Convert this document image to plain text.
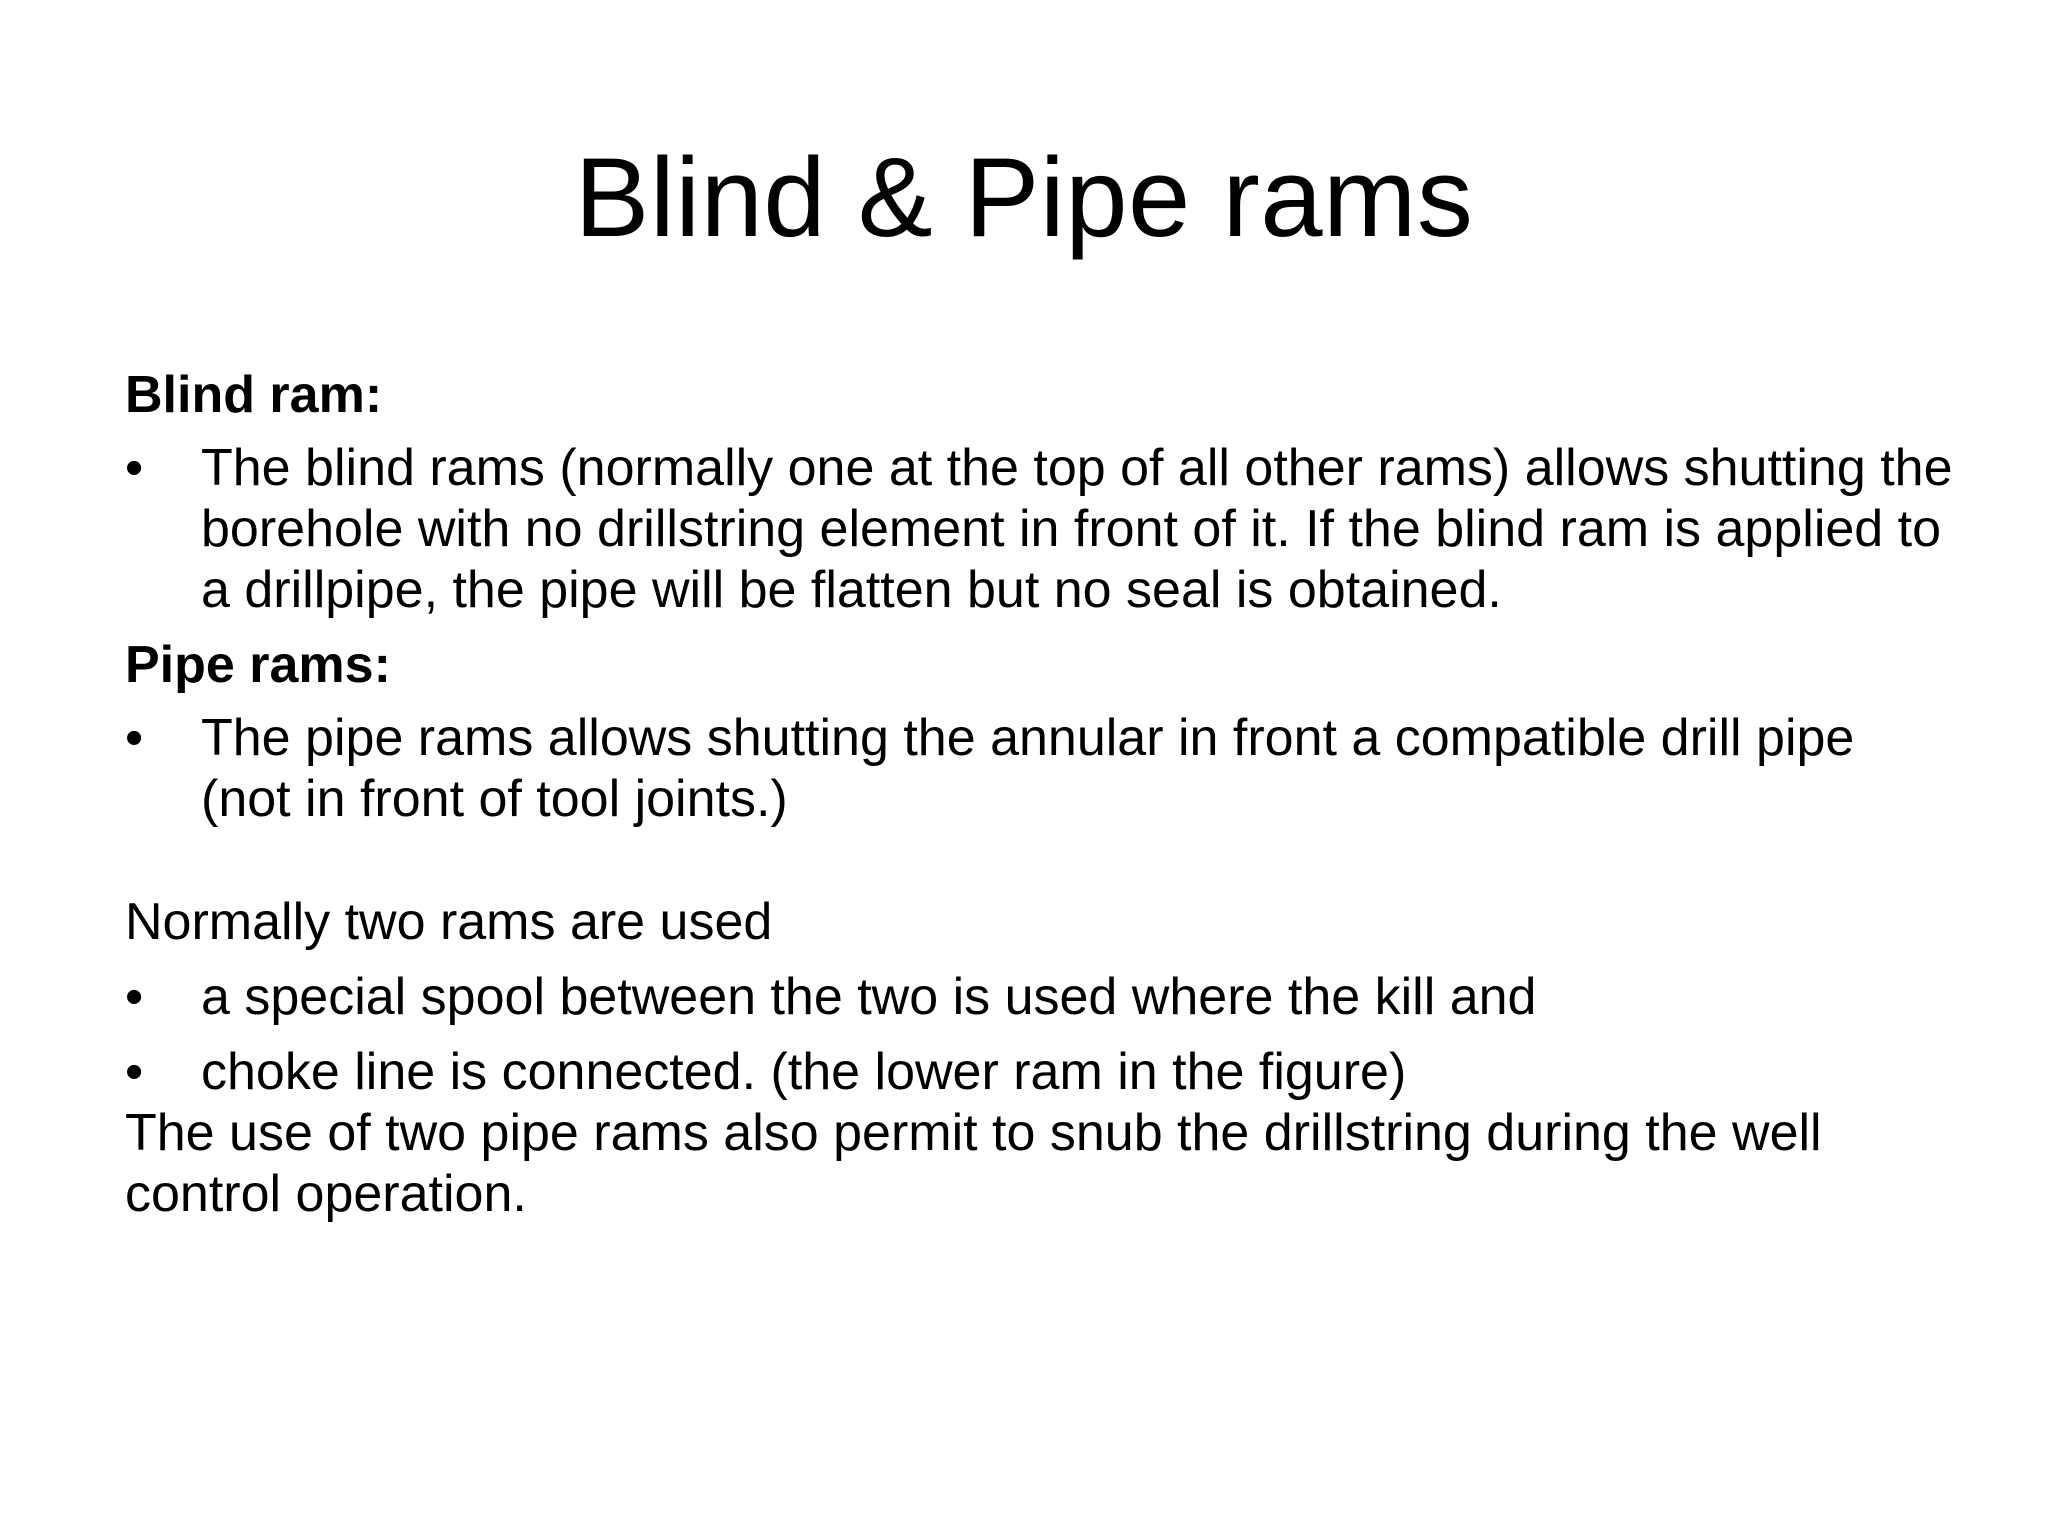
Blind & Pipe rams

Blind ram:

•	The blind rams (normally one at the top of all other rams) allows shutting the borehole with no drillstring element in front of it. If the blind ram is applied to a drillpipe, the pipe will be flatten but no seal is obtained.

Pipe rams:

•	The pipe rams allows shutting the annular in front a compatible drill pipe (not in front of tool joints.)

Normally two rams are used

•	a special spool between the two is used where the kill and
•	choke line is connected. (the lower ram in the figure)

The use of two pipe rams also permit to snub the drillstring during the well control operation.
